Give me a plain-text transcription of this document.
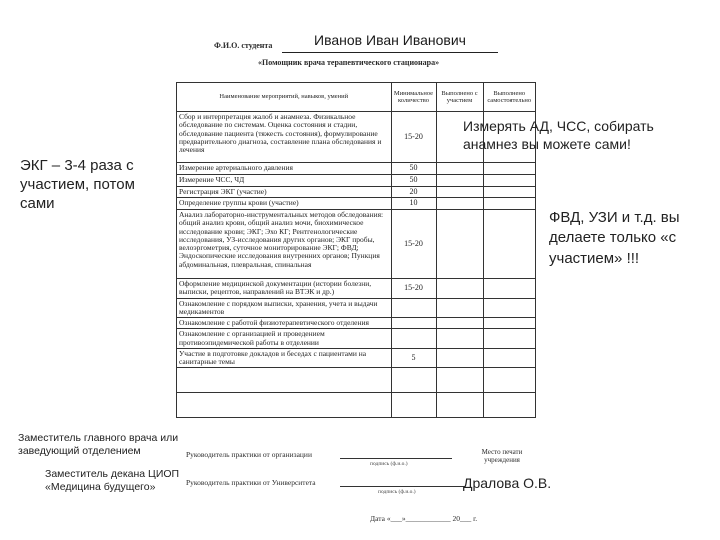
Ф.И.О. студента	Иванов Иван Иванович
«Помощник врача терапевтического стационара»
Наименование мероприятий, навыков, умений	Минимальное количество	Выполнено с участием	Выполнено самостоятельно
Сбор и интерпретация жалоб и анамнеза. Физикальное обследование по системам. Оценка состояния и стадии, обследование пациента (тяжесть состояния), формулирование предварительного диагноза, составление плана обследования и лечения	15-20		
Измерение артериального давления	50		
Измерение ЧСС, ЧД	50		
Регистрация ЭКГ (участие)	20		
Определение группы крови (участие)	10		
Анализ лабораторно-инструментальных методов обследования: общий анализ крови, общий анализ мочи, биохимическое исследование крови; ЭКГ; Эхо КГ; Рентгенологические исследования, УЗ-исследования других органов; ЭКГ пробы, велоэргометрия, суточное мониторирование ЭКГ; ФВД; Эндоскопические исследования внутренних органов; Пункция абдоминальная, плевральная, спинальная	15-20		
Оформление медицинской документации (истории болезни, выписки, рецептов, направлений на ВТЭК и др.)	15-20		
Ознакомление с порядком выписки, хранения, учета и выдачи медикаментов			
Ознакомление с работой физиотерапевтического отделения			
Ознакомление с организацией и проведением противоэпидемической работы в отделении			
Участие в подготовке докладов и беседах с пациентами на санитарные темы	5		

ЭКГ – 3-4 раза с участием, потом сами
Измерять АД, ЧСС, собирать анамнез вы можете сами!
ФВД, УЗИ и т.д. вы делаете только «с участием» !!!
Заместитель главного врача или заведующий отделением
Заместитель декана ЦИОП «Медицина будущего»
Руководитель практики от организации
подпись (ф.и.о.)
Место печати учреждения
Руководитель практики от Университета
подпись (ф.и.о.)
Дралова О.В.
Дата «___»____________ 20___ г.
